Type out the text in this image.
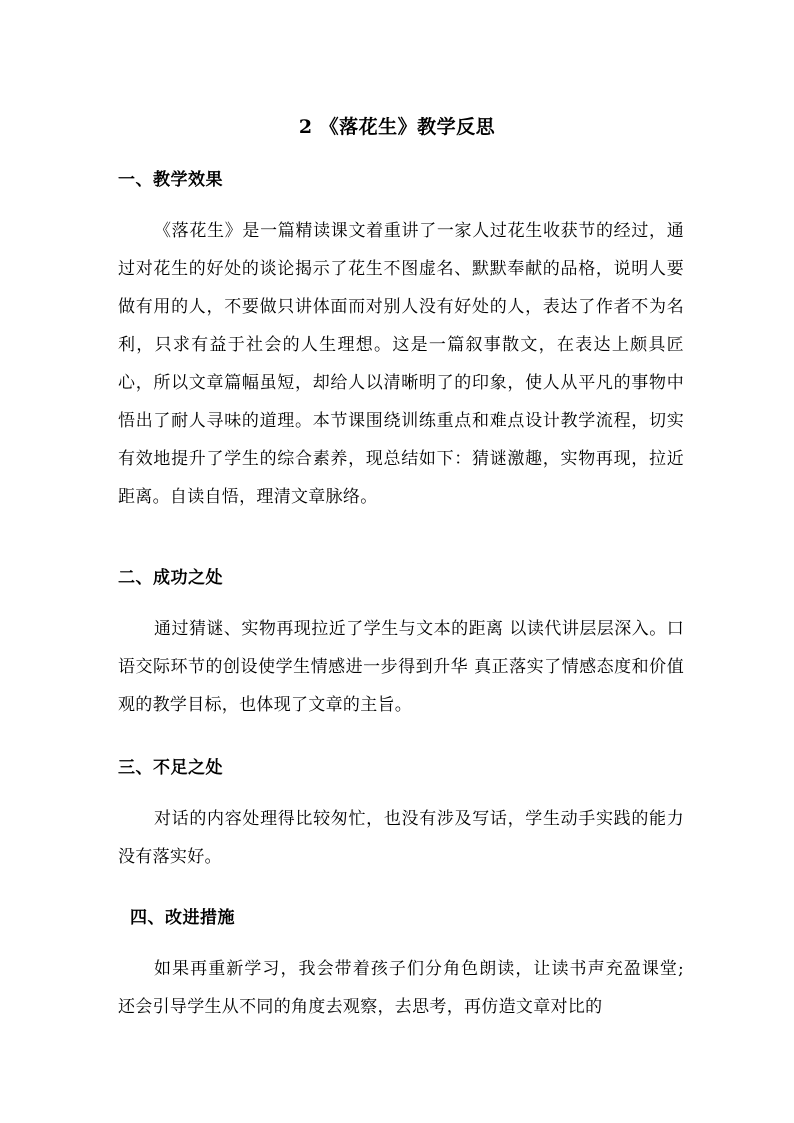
2 《落花生》教学反思
一、教学效果

《落花生》是一篇精读课文着重讲了一家人过花生收获节的经过，通过对花生的好处的谈论揭示了花生不图虚名、默默奉献的品格，说明人要做有用的人，不要做只讲体面而对别人没有好处的人，表达了作者不为名利，只求有益于社会的人生理想。这是一篇叙事散文，在表达上颇具匠心，所以文章篇幅虽短，却给人以清晰明了的印象，使人从平凡的事物中悟出了耐人寻味的道理。本节课围绕训练重点和难点设计教学流程，切实有效地提升了学生的综合素养，现总结如下：猜谜激趣，实物再现，拉近距离。自读自悟，理清文章脉络。

二、成功之处

通过猜谜、实物再现拉近了学生与文本的距离 以读代讲层层深入。口语交际环节的创设使学生情感进一步得到升华 真正落实了情感态度和价值观的教学目标，也体现了文章的主旨。

三、不足之处

对话的内容处理得比较匆忙，也没有涉及写话，学生动手实践的能力没有落实好。

四、改进措施

如果再重新学习，我会带着孩子们分角色朗读，让读书声充盈课堂; 还会引导学生从不同的角度去观察，去思考，再仿造文章对比的
